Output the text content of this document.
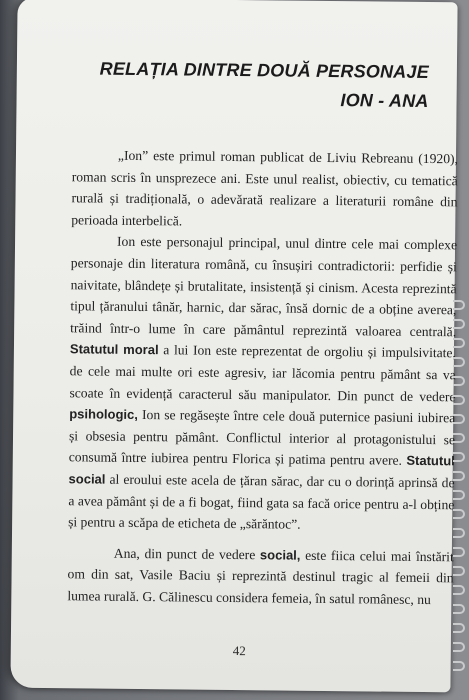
RELAȚIA DINTRE DOUĂ PERSONAJE
ION - ANA

„Ion” este primul roman publicat de Liviu Rebreanu (1920), roman scris în unsprezece ani. Este unul realist, obiectiv, cu tematică rurală și tradițională, o adevărată realizare a literaturii române din perioada interbelică.

Ion este personajul principal, unul dintre cele mai complexe personaje din literatura română, cu însușiri contradictorii: perfidie și naivitate, blândețe și brutalitate, insistență și cinism. Acesta reprezintă tipul țăranului tânăr, harnic, dar sărac, însă dornic de a obține averea, trăind într-o lume în care pământul reprezintă valoarea centrală. Statutul moral a lui Ion este reprezentat de orgoliu și impulsivitate, de cele mai multe ori este agresiv, iar lăcomia pentru pământ sa va scoate în evidență caracterul său manipulator. Din punct de vedere psihologic, Ion se regăsește între cele două puternice pasiuni iubirea și obsesia pentru pământ. Conflictul interior al protagonistului se consumă între iubirea pentru Florica și patima pentru avere. Statutul social al eroului este acela de țăran sărac, dar cu o dorință aprinsă de a avea pământ și de a fi bogat, fiind gata sa facă orice pentru a-l obține și pentru a scăpa de eticheta de „sărăntoc”.

Ana, din punct de vedere social, este fiica celui mai înstărit om din sat, Vasile Baciu și reprezintă destinul tragic al femeii din lumea rurală. G. Călinescu considera femeia, în satul românesc, nu

42
